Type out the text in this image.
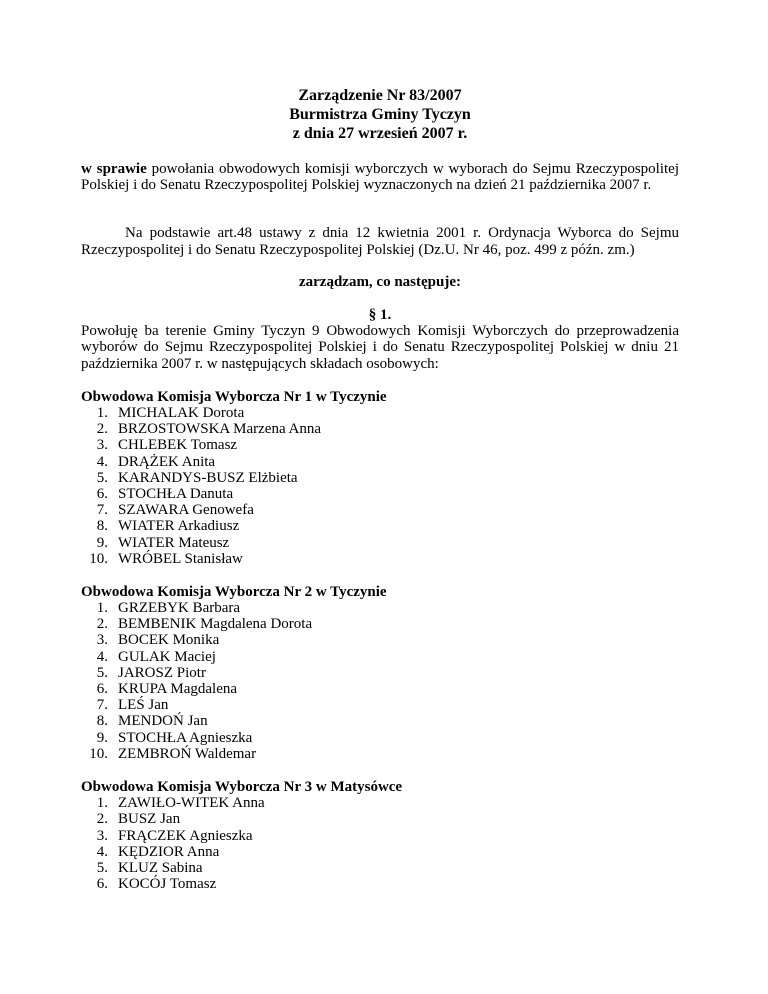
Zarządzenie Nr 83/2007
Burmistrza Gminy Tyczyn
z dnia 27 wrzesień 2007 r.
w sprawie powołania obwodowych komisji wyborczych w wyborach do Sejmu Rzeczypospolitej Polskiej i do Senatu Rzeczypospolitej Polskiej wyznaczonych na dzień 21 października 2007 r.
Na podstawie art.48 ustawy z dnia 12 kwietnia 2001 r. Ordynacja Wyborca do Sejmu Rzeczypospolitej i do Senatu Rzeczypospolitej Polskiej (Dz.U. Nr 46, poz. 499 z późn. zm.)
zarządzam, co następuje:
§ 1.
Powołuję ba terenie Gminy Tyczyn 9 Obwodowych Komisji Wyborczych do przeprowadzenia wyborów do Sejmu Rzeczypospolitej Polskiej i do Senatu Rzeczypospolitej Polskiej w dniu 21 października 2007 r. w następujących składach osobowych:
Obwodowa Komisja Wyborcza Nr 1 w Tyczynie
1. MICHALAK Dorota
2. BRZOSTOWSKA Marzena Anna
3. CHLEBEK Tomasz
4. DRĄŻEK Anita
5. KARANDYS-BUSZ Elżbieta
6. STOCHŁA Danuta
7. SZAWARA Genowefa
8. WIATER Arkadiusz
9. WIATER Mateusz
10. WRÓBEL Stanisław
Obwodowa Komisja Wyborcza Nr 2 w Tyczynie
1. GRZEBYK Barbara
2. BEMBENIK Magdalena Dorota
3. BOCEK Monika
4. GULAK Maciej
5. JAROSZ Piotr
6. KRUPA Magdalena
7. LEŚ Jan
8. MENDOŃ Jan
9. STOCHŁA Agnieszka
10. ZEMBROŃ Waldemar
Obwodowa Komisja Wyborcza Nr 3 w Matysówce
1. ZAWIŁO-WITEK Anna
2. BUSZ Jan
3. FRĄCZEK Agnieszka
4. KĘDZIOR Anna
5. KLUZ Sabina
6. KOCÓJ Tomasz
